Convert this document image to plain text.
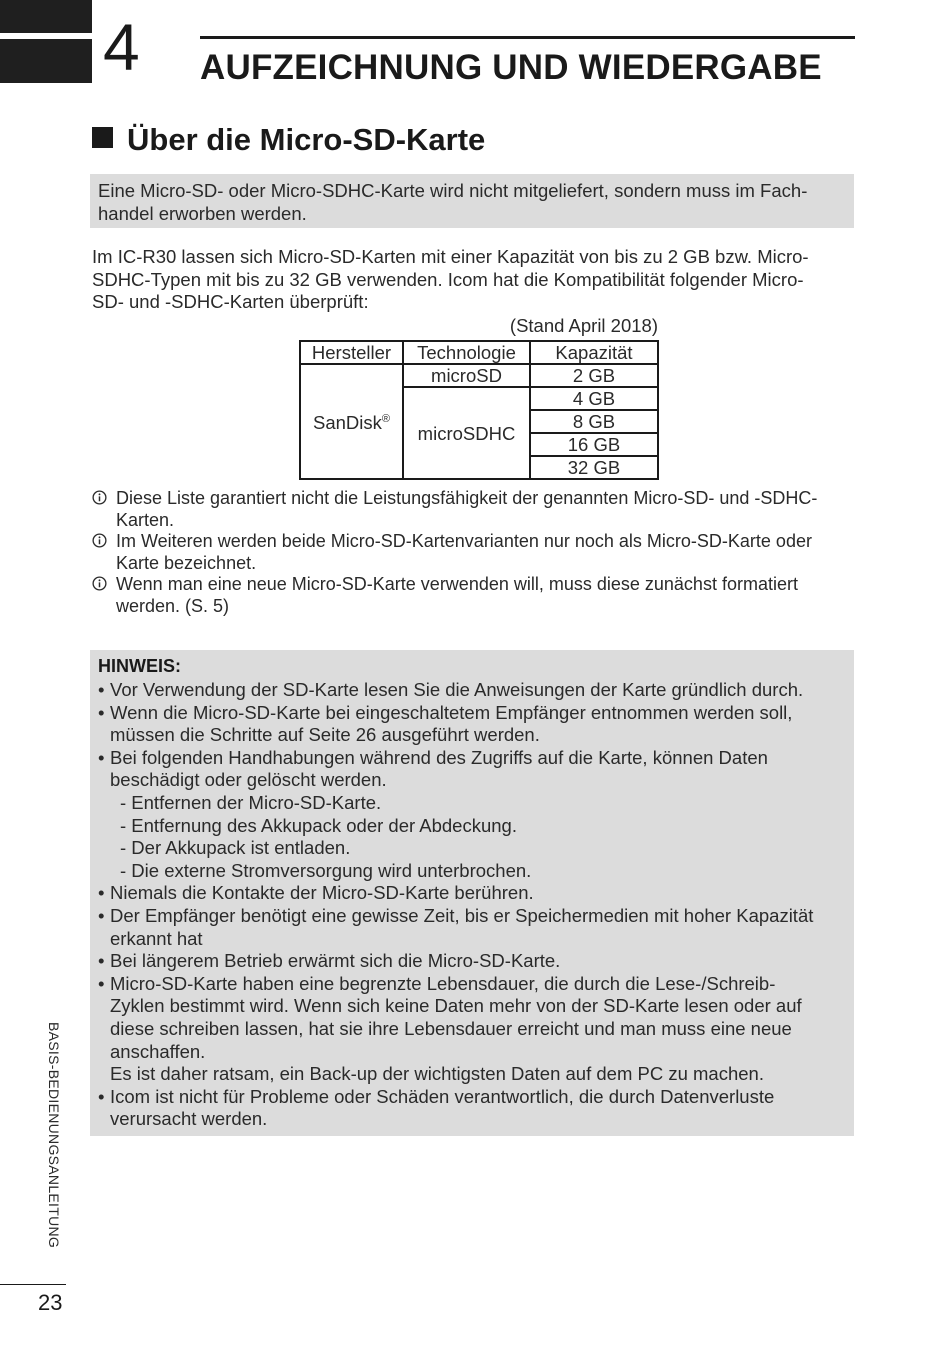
4 AUFZEICHNUNG UND WIEDERGABE
Über die Micro-SD-Karte

Eine Micro-SD- oder Micro-SDHC-Karte wird nicht mitgeliefert, sondern muss im Fach-
handel erworben werden.

Im IC-R30 lassen sich Micro-SD-Karten mit einer Kapazität von bis zu 2 GB bzw. Micro-
SDHC-Typen mit bis zu 32 GB verwenden. Icom hat die Kompatibilität folgender Micro-
SD- und -SDHC-Karten überprüft:

(Stand April 2018)
Hersteller	Technologie	Kapazität
SanDisk®	microSD	2 GB
	microSDHC	4 GB
		8 GB
		16 GB
		32 GB
Diese Liste garantiert nicht die Leistungsfähigkeit der genannten Micro-SD- und -SDHC-
Karten.
Im Weiteren werden beide Micro-SD-Kartenvarianten nur noch als Micro-SD-Karte oder
Karte bezeichnet.
Wenn man eine neue Micro-SD-Karte verwenden will, muss diese zunächst formatiert
werden. (S. 5)
HINWEIS:
• Vor Verwendung der SD-Karte lesen Sie die Anweisungen der Karte gründlich durch.
• Wenn die Micro-SD-Karte bei eingeschaltetem Empfänger entnommen werden soll,
müssen die Schritte auf Seite 26 ausgeführt werden.
• Bei folgenden Handhabungen während des Zugriffs auf die Karte, können Daten
beschädigt oder gelöscht werden.
- Entfernen der Micro-SD-Karte.
- Entfernung des Akkupack oder der Abdeckung.
- Der Akkupack ist entladen.
- Die externe Stromversorgung wird unterbrochen.
• Niemals die Kontakte der Micro-SD-Karte berühren.
• Der Empfänger benötigt eine gewisse Zeit, bis er Speichermedien mit hoher Kapazität
erkannt hat
• Bei längerem Betrieb erwärmt sich die Micro-SD-Karte.
• Micro-SD-Karte haben eine begrenzte Lebensdauer, die durch die Lese-/Schreib-
Zyklen bestimmt wird. Wenn sich keine Daten mehr von der SD-Karte lesen oder auf
diese schreiben lassen, hat sie ihre Lebensdauer erreicht und man muss eine neue
anschaffen.
Es ist daher ratsam, ein Back-up der wichtigsten Daten auf dem PC zu machen.
• Icom ist nicht für Probleme oder Schäden verantwortlich, die durch Datenverluste
verursacht werden.
BASIS-BEDIENUNGSANLEITUNG
23
